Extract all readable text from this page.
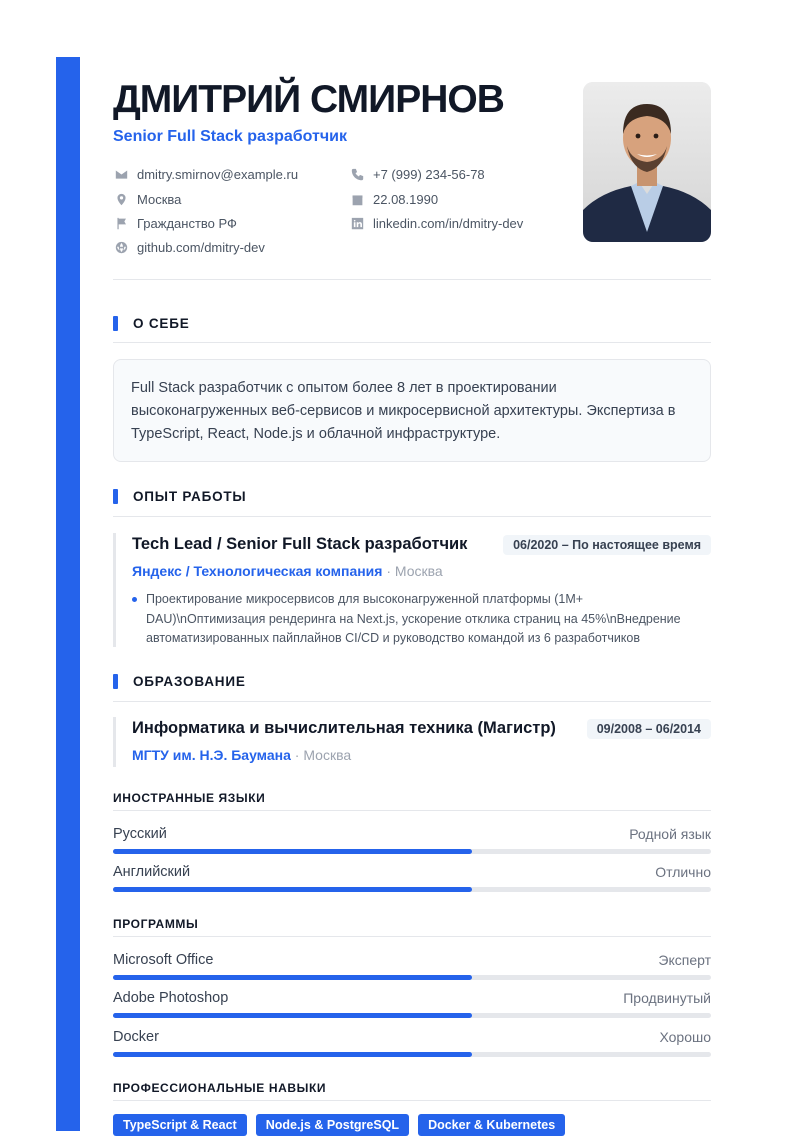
ДМИТРИЙ СМИРНОВ
Senior Full Stack разработчик
dmitry.smirnov@example.ru
Москва
Гражданство РФ
github.com/dmitry-dev
+7 (999) 234-56-78
22.08.1990
linkedin.com/in/dmitry-dev
О СЕБЕ
Full Stack разработчик с опытом более 8 лет в проектировании высоконагруженных веб-сервисов и микросервисной архитектуры. Экспертиза в TypeScript, React, Node.js и облачной инфраструктуре.
ОПЫТ РАБОТЫ
Tech Lead / Senior Full Stack разработчик	06/2020 – По настоящее время
Яндекс / Технологическая компания · Москва
Проектирование микросервисов для высоконагруженной платформы (1M+ DAU)\nОптимизация рендеринга на Next.js, ускорение отклика страниц на 45%\nВнедрение автоматизированных пайплайнов CI/CD и руководство командой из 6 разработчиков
ОБРАЗОВАНИЕ
Информатика и вычислительная техника (Магистр)	09/2008 – 06/2014
МГТУ им. Н.Э. Баумана · Москва
ИНОСТРАННЫЕ ЯЗЫКИ
Русский	Родной язык
Английский	Отлично
ПРОГРАММЫ
Microsoft Office	Эксперт
Adobe Photoshop	Продвинутый
Docker	Хорошо
ПРОФЕССИОНАЛЬНЫЕ НАВЫКИ
TypeScript & React	Node.js & PostgreSQL	Docker & Kubernetes
